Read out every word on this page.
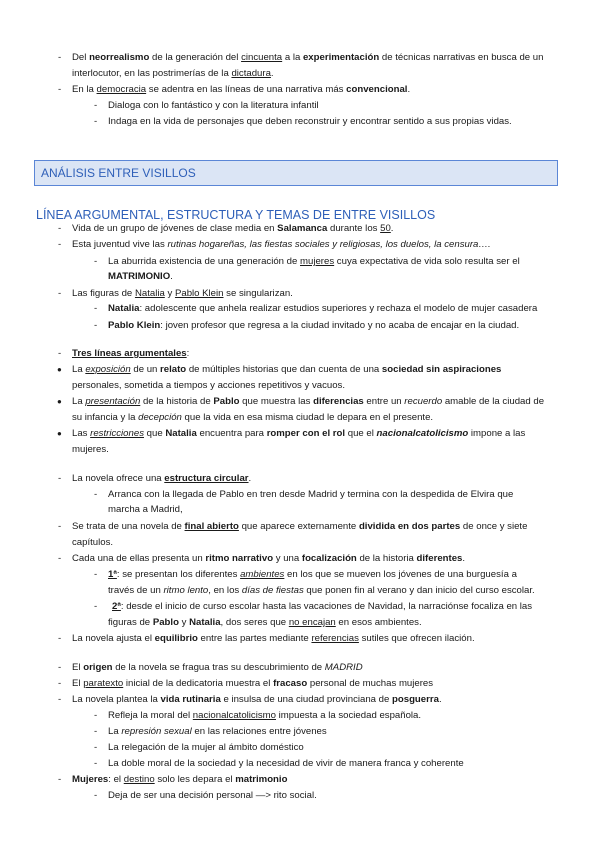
- Del neorrealismo de la generación del cincuenta a la experimentación de técnicas narrativas en busca de un
interlocutor, en las postrimerías de la dictadura.
- En la democracia se adentra en las líneas de una narrativa más convencional.
- Dialoga con lo fantástico y con la literatura infantil
- Indaga en la vida de personajes que deben reconstruir y encontrar sentido a sus propias vidas.
ANÁLISIS ENTRE VISILLOS
LÍNEA ARGUMENTAL, ESTRUCTURA Y TEMAS DE ENTRE VISILLOS
- Vida de un grupo de jóvenes de clase media en Salamanca durante los 50.
- Esta juventud vive las rutinas hogareñas, las fiestas sociales y religiosas, los duelos, la censura….
- La aburrida existencia de una generación de mujeres cuya expectativa de vida solo resulta ser el
MATRIMONIO.
- Las figuras de Natalia y Pablo Klein se singularizan.
- Natalia: adolescente que anhela realizar estudios superiores y rechaza el modelo de mujer casadera
- Pablo Klein: joven profesor que regresa a la ciudad invitado y no acaba de encajar en la ciudad.
- Tres líneas argumentales:
● La exposición de un relato de múltiples historias que dan cuenta de una sociedad sin aspiraciones
personales, sometida a tiempos y acciones repetitivos y vacuos.
● La presentación de la historia de Pablo que muestra las diferencias entre un recuerdo amable de la ciudad de
su infancia y la decepción que la vida en esa misma ciudad le depara en el presente.
● Las restricciones que Natalia encuentra para romper con el rol que el nacionalcatolicismo impone a las
mujeres.
- La novela ofrece una estructura circular.
- Arranca con la llegada de Pablo en tren desde Madrid y termina con la despedida de Elvira que
marcha a Madrid,
- Se trata de una novela de final abierto que aparece externamente dividida en dos partes de once y siete
capítulos.
- Cada una de ellas presenta un ritmo narrativo y una focalización de la historia diferentes.
- 1ª: se presentan los diferentes ambientes en los que se mueven los jóvenes de una burguesía a
través de un ritmo lento, en los días de fiestas que ponen fin al verano y dan inicio del curso escolar.
- 2ª: desde el inicio de curso escolar hasta las vacaciones de Navidad, la narraciónse focaliza en las
figuras de Pablo y Natalia, dos seres que no encajan en esos ambientes.
- La novela ajusta el equilibrio entre las partes mediante referencias sutiles que ofrecen ilación.
- El origen de la novela se fragua tras su descubrimiento de MADRID
- El paratexto inicial de la dedicatoria muestra el fracaso personal de muchas mujeres
- La novela plantea la vida rutinaria e insulsa de una ciudad provinciana de posguerra.
- Refleja la moral del nacionalcatolicismo impuesta a la sociedad española.
- La represión sexual en las relaciones entre jóvenes
- La relegación de la mujer al ámbito doméstico
- La doble moral de la sociedad y la necesidad de vivir de manera franca y coherente
- Mujeres: el destino solo les depara el matrimonio
- Deja de ser una decisión personal —> rito social.
